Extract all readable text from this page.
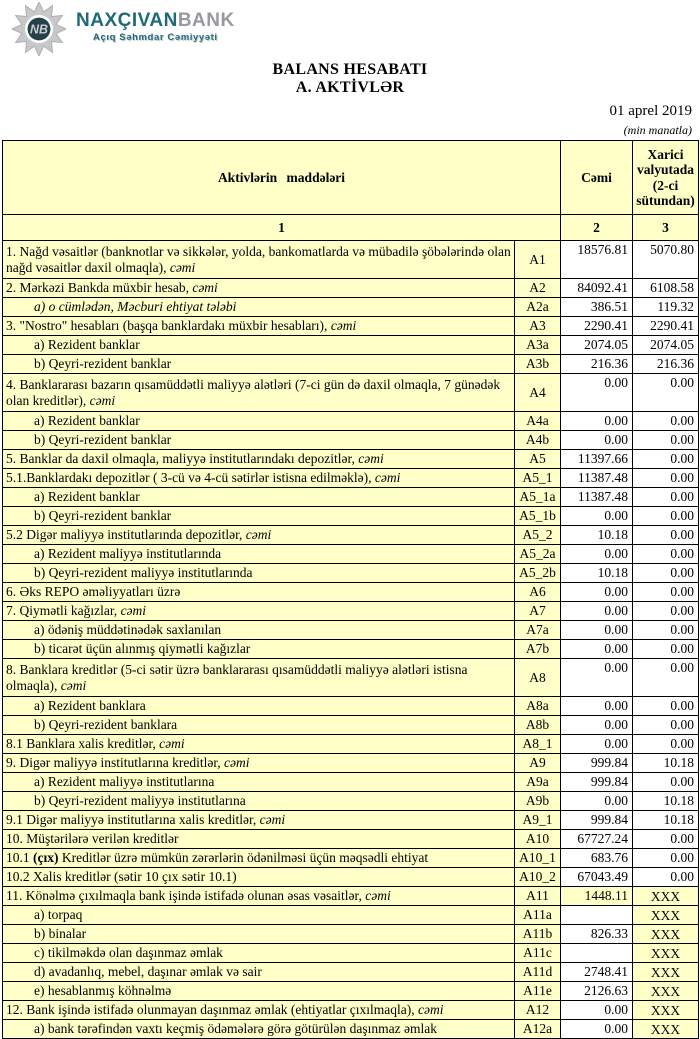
NB NAXÇIVANBANK
Açıq Səhmdar Cəmiyyəti
BALANS HESABATI
A. AKTİVLƏR
01 aprel 2019
(min manatla)
Aktivlərin maddələri		Cəmi	Xarici valyutada (2-ci sütundan)
1		2	3
1. Nağd vəsaitlər (banknotlar və sikkələr, yolda, bankomatlarda və mübadilə şöbələrində olan nağd vəsaitlər daxil olmaqla), cəmi	A1	18576.81	5070.80
2. Mərkəzi Bankda müxbir hesab, cəmi	A2	84092.41	6108.58
a) o cümlədən, Məcburi ehtiyat tələbi	A2a	386.51	119.32
3. "Nostro" hesabları (başqa banklardakı müxbir hesabları), cəmi	A3	2290.41	2290.41
a) Rezident banklar	A3a	2074.05	2074.05
b) Qeyri-rezident banklar	A3b	216.36	216.36
4. Banklararası bazarın qısamüddətli maliyyə alətləri (7-ci gün də daxil olmaqla, 7 günədək olan kreditlər), cəmi	A4	0.00	0.00
a) Rezident banklar	A4a	0.00	0.00
b) Qeyri-rezident banklar	A4b	0.00	0.00
5. Banklar da daxil olmaqla, maliyyə institutlarındakı depozitlər, cəmi	A5	11397.66	0.00
5.1.Banklardakı depozitlər ( 3-cü və 4-cü sətirlər istisna edilməklə), cəmi	A5_1	11387.48	0.00
a) Rezident banklar	A5_1a	11387.48	0.00
b) Qeyri-rezident banklar	A5_1b	0.00	0.00
5.2 Digər maliyyə institutlarında depozitlər, cəmi	A5_2	10.18	0.00
a) Rezident maliyyə institutlarında	A5_2a	0.00	0.00
b) Qeyri-rezident maliyyə institutlarında	A5_2b	10.18	0.00
6. Əks REPO əməliyyatları üzrə	A6	0.00	0.00
7. Qiymətli kağızlar, cəmi	A7	0.00	0.00
a) ödəniş müddətinədək saxlanılan	A7a	0.00	0.00
b) ticarət üçün alınmış qiymətli kağızlar	A7b	0.00	0.00
8. Banklara kreditlər (5-ci sətir üzrə banklararası qısamüddətli maliyyə alətləri istisna olmaqla), cəmi	A8	0.00	0.00
a) Rezident banklara	A8a	0.00	0.00
b) Qeyri-rezident banklara	A8b	0.00	0.00
8.1 Banklara xalis kreditlər, cəmi	A8_1	0.00	0.00
9. Digər maliyyə institutlarına kreditlər, cəmi	A9	999.84	10.18
a) Rezident maliyyə institutlarına	A9a	999.84	0.00
b) Qeyri-rezident maliyyə institutlarına	A9b	0.00	10.18
9.1 Digər maliyyə institutlarına xalis kreditlər, cəmi	A9_1	999.84	10.18
10. Müştərilərə verilən kreditlər	A10	67727.24	0.00
10.1 (çıx) Kreditlər üzrə mümkün zərərlərin ödənilməsi üçün məqsədli ehtiyat	A10_1	683.76	0.00
10.2 Xalis kreditlər (sətir 10 çıx sətir 10.1)	A10_2	67043.49	0.00
11. Könəlmə çıxılmaqla bank işində istifadə olunan əsas vəsaitlər, cəmi	A11	1448.11	XXX
a) torpaq	A11a		XXX
b) binalar	A11b	826.33	XXX
c) tikilməkdə olan daşınmaz əmlak	A11c		XXX
d) avadanlıq, mebel, daşınar əmlak və sair	A11d	2748.41	XXX
e) hesablanmış köhnəlmə	A11e	2126.63	XXX
12. Bank işində istifadə olunmayan daşınmaz əmlak (ehtiyatlar çıxılmaqla), cəmi	A12	0.00	XXX
a) bank tərəfindən vaxtı keçmiş ödəmələrə görə götürülən daşınmaz əmlak	A12a	0.00	XXX
